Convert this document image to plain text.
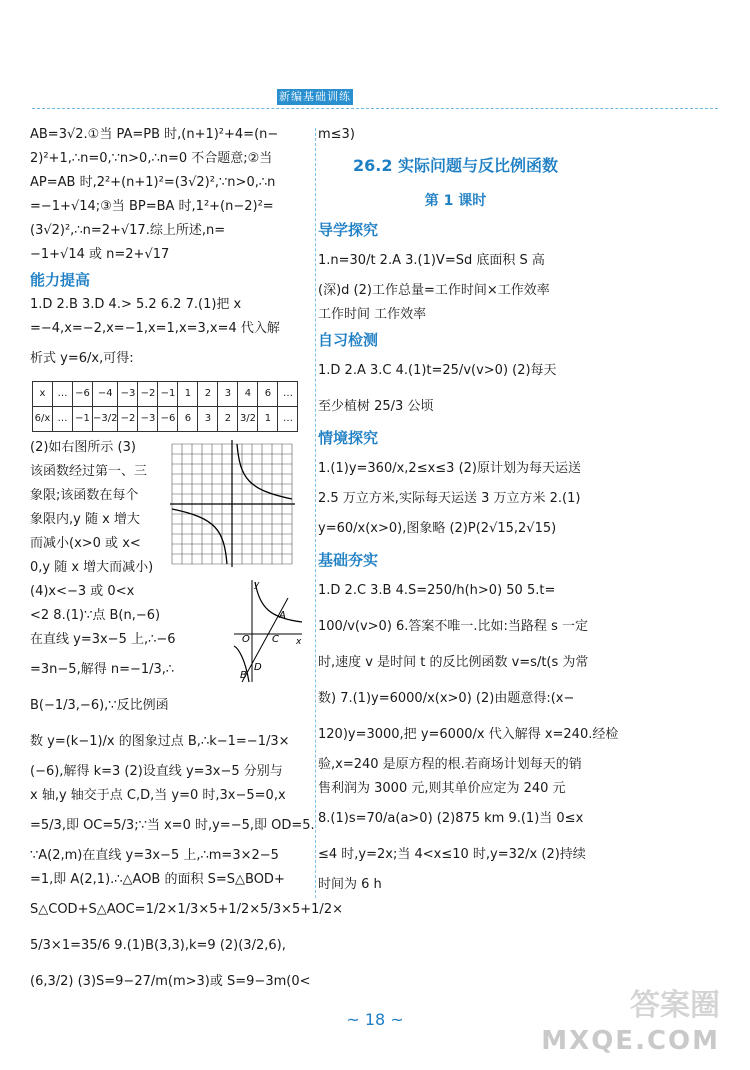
新编基础训练
AB=3√2.①当 PA=PB 时,(n+1)²+4=(n−
2)²+1,∴n=0,∵n>0,∴n=0 不合题意;②当
AP=AB 时,2²+(n+1)²=(3√2)²,∵n>0,∴n
=−1+√14;③当 BP=BA 时,1²+(n−2)²=
(3√2)²,∴n=2+√17.综上所述,n=
−1+√14 或 n=2+√17
能力提高
1.D 2.B 3.D 4.> 5.2 6.2 7.(1)把 x
=−4,x=−2,x=−1,x=1,x=3,x=4 代入解
析式 y=6/x,可得:
x	…	−6	−4	−3	−2	−1	1	2	3	4	6	…
6/x	…	−1	−3/2	−2	−3	−6	6	3	2	3/2	1	…
(2)如右图所示 (3)
该函数经过第一、三
象限;该函数在每个
象限内,y 随 x 增大
而减小(x>0 或 x<
0,y 随 x 增大而减小)
(4)x<−3 或 0<x
<2 8.(1)∵点 B(n,−6)
在直线 y=3x−5 上,∴−6
=3n−5,解得 n=−1/3,∴
B(−1/3,−6),∵反比例函
数 y=(k−1)/x 的图象过点 B,∴k−1=−1/3×
(−6),解得 k=3 (2)设直线 y=3x−5 分别与
x 轴,y 轴交于点 C,D,当 y=0 时,3x−5=0,x
=5/3,即 OC=5/3;∵当 x=0 时,y=−5,即 OD=5.
∵A(2,m)在直线 y=3x−5 上,∴m=3×2−5
=1,即 A(2,1).∴△AOB 的面积 S=S△BOD+
S△COD+S△AOC=1/2×1/3×5+1/2×5/3×5+1/2×
5/3×1=35/6 9.(1)B(3,3),k=9 (2)(3/2,6),
(6,3/2) (3)S=9−27/m(m>3)或 S=9−3m(0<
A
B
C
D
O	x
y
m≤3)
26.2 实际问题与反比例函数
第 1 课时
导学探究
1.n=30/t 2.A 3.(1)V=Sd 底面积 S 高
(深)d (2)工作总量=工作时间×工作效率
工作时间 工作效率
自习检测
1.D 2.A 3.C 4.(1)t=25/v(v>0) (2)每天
至少植树 25/3 公顷
情境探究
1.(1)y=360/x,2≤x≤3 (2)原计划为每天运送
2.5 万立方米,实际每天运送 3 万立方米 2.(1)
y=60/x(x>0),图象略 (2)P(2√15,2√15)
基础夯实
1.D 2.C 3.B 4.S=250/h(h>0) 50 5.t=
100/v(v>0) 6.答案不唯一.比如:当路程 s 一定
时,速度 v 是时间 t 的反比例函数 v=s/t(s 为常
数) 7.(1)y=6000/x(x>0) (2)由题意得:(x−
120)y=3000,把 y=6000/x 代入解得 x=240.经检
验,x=240 是原方程的根.若商场计划每天的销
售利润为 3000 元,则其单价应定为 240 元
8.(1)s=70/a(a>0) (2)875 km 9.(1)当 0≤x
≤4 时,y=2x;当 4<x≤10 时,y=32/x (2)持续
时间为 6 h
~ 18 ~	答案圈
MXQE.COM
